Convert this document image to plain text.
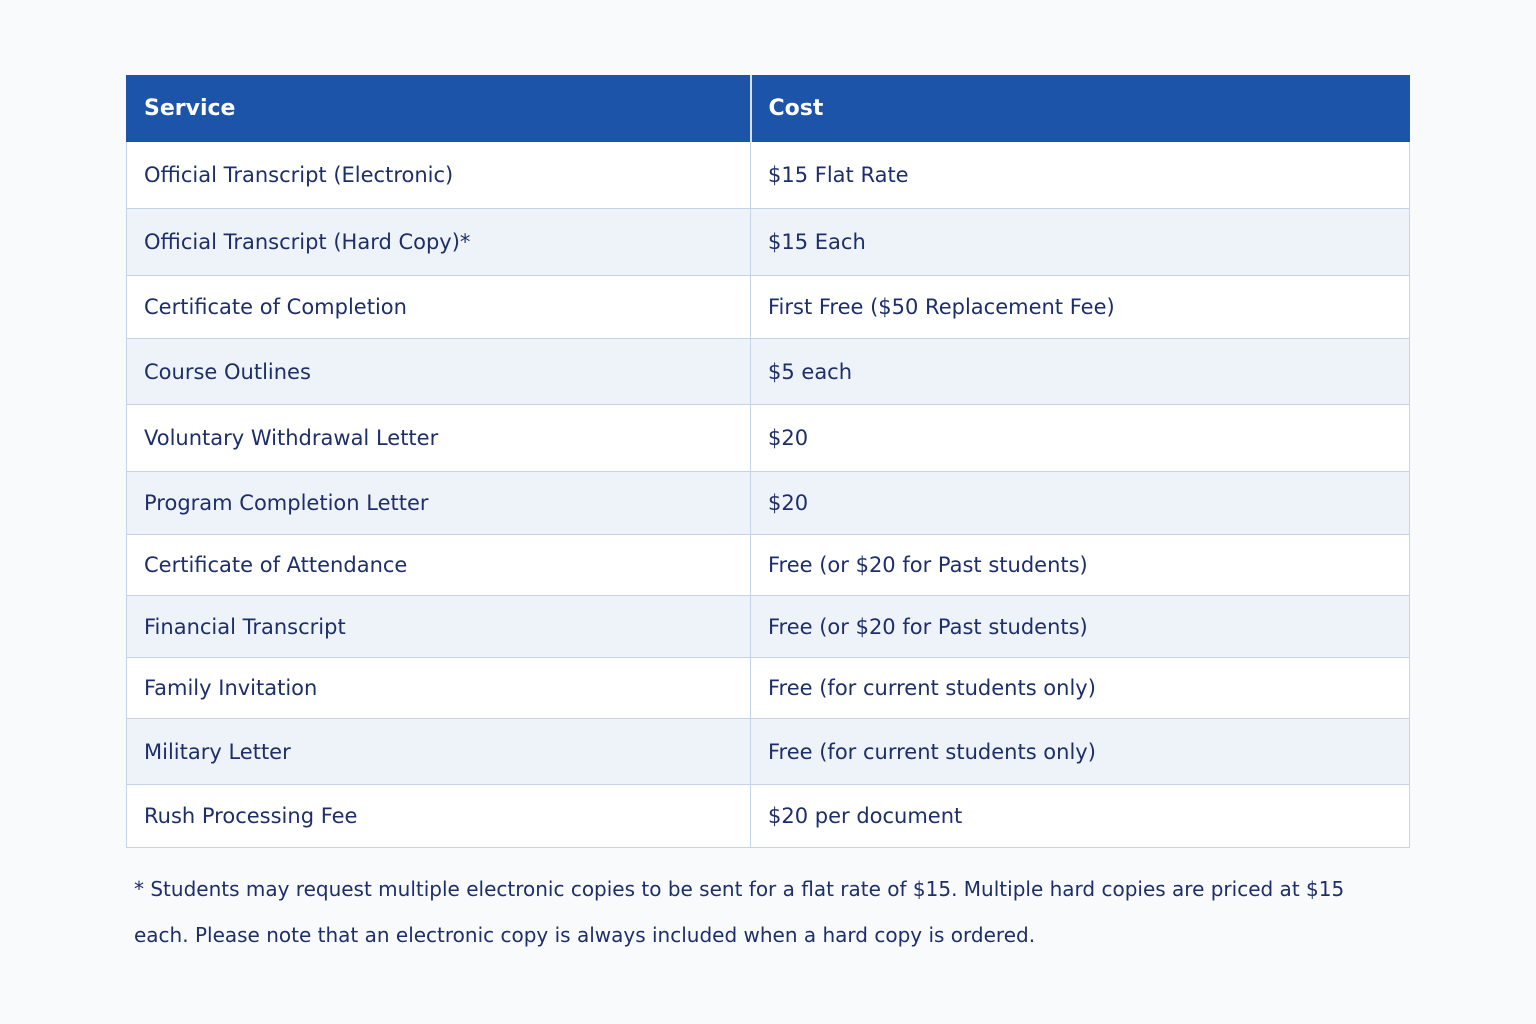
Service	Cost
Official Transcript (Electronic)	$15 Flat Rate
Official Transcript (Hard Copy)*	$15 Each
Certificate of Completion	First Free ($50 Replacement Fee)
Course Outlines	$5 each
Voluntary Withdrawal Letter	$20
Program Completion Letter	$20
Certificate of Attendance	Free (or $20 for Past students)
Financial Transcript	Free (or $20 for Past students)
Family Invitation	Free (for current students only)
Military Letter	Free (for current students only)
Rush Processing Fee	$20 per document
* Students may request multiple electronic copies to be sent for a flat rate of $15. Multiple hard copies are priced at $15 each. Please note that an electronic copy is always included when a hard copy is ordered.
